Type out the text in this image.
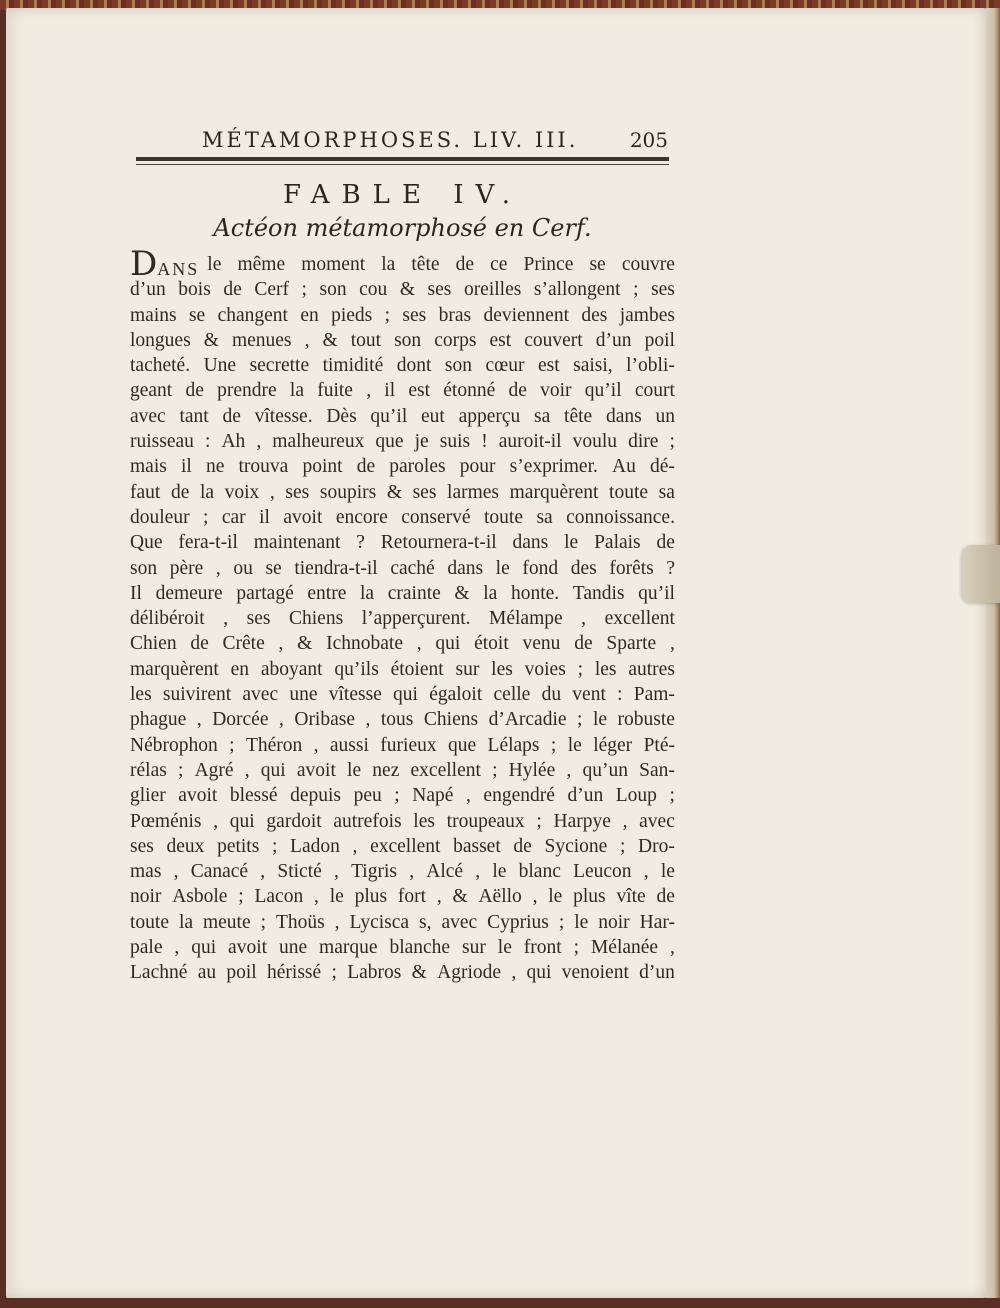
MÉTAMORPHOSES. LIV. III.	205
FABLE IV.
Actéon métamorphosé en Cerf.
DANS le même moment la tête de ce Prince se couvre
d’un bois de Cerf ; son cou & ses oreilles s’allongent ; ses
mains se changent en pieds ; ses bras deviennent des jambes
longues & menues , & tout son corps est couvert d’un poil
tacheté. Une secrette timidité dont son cœur est saisi, l’obli-
geant de prendre la fuite , il est étonné de voir qu’il court
avec tant de vîtesse. Dès qu’il eut apperçu sa tête dans un
ruisseau : Ah , malheureux que je suis ! auroit-il voulu dire ;
mais il ne trouva point de paroles pour s’exprimer. Au dé-
faut de la voix , ses soupirs & ses larmes marquèrent toute sa
douleur ; car il avoit encore conservé toute sa connoissance.
Que fera-t-il maintenant ? Retournera-t-il dans le Palais de
son père , ou se tiendra-t-il caché dans le fond des forêts ?
Il demeure partagé entre la crainte & la honte. Tandis qu’il
délibéroit , ses Chiens l’apperçurent. Mélampe , excellent
Chien de Crête , & Ichnobate , qui étoit venu de Sparte ,
marquèrent en aboyant qu’ils étoient sur les voies ; les autres
les suivirent avec une vîtesse qui égaloit celle du vent : Pam-
phague , Dorcée , Oribase , tous Chiens d’Arcadie ; le robuste
Nébrophon ; Théron , aussi furieux que Lélaps ; le léger Pté-
rélas ; Agré , qui avoit le nez excellent ; Hylée , qu’un San-
glier avoit blessé depuis peu ; Napé , engendré d’un Loup ;
Pœménis , qui gardoit autrefois les troupeaux ; Harpye , avec
ses deux petits ; Ladon , excellent basset de Sycione ; Dro-
mas , Canacé , Sticté , Tigris , Alcé , le blanc Leucon , le
noir Asbole ; Lacon , le plus fort , & Aëllo , le plus vîte de
toute la meute ; Thoüs , Lycisca s, avec Cyprius ; le noir Har-
pale , qui avoit une marque blanche sur le front ; Mélanée ,
Lachné au poil hérissé ; Labros & Agriode , qui venoient d’un
